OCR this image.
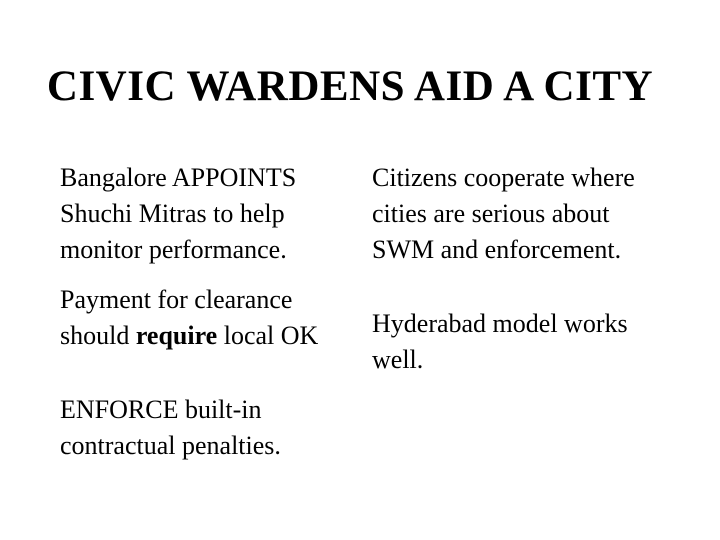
CIVIC WARDENS AID A CITY

Bangalore APPOINTS
Shuchi Mitras to help
monitor performance.

Payment for clearance
should require local OK

ENFORCE built-in
contractual penalties.

Citizens cooperate where
cities are serious about
SWM and enforcement.

Hyderabad model works
well.
